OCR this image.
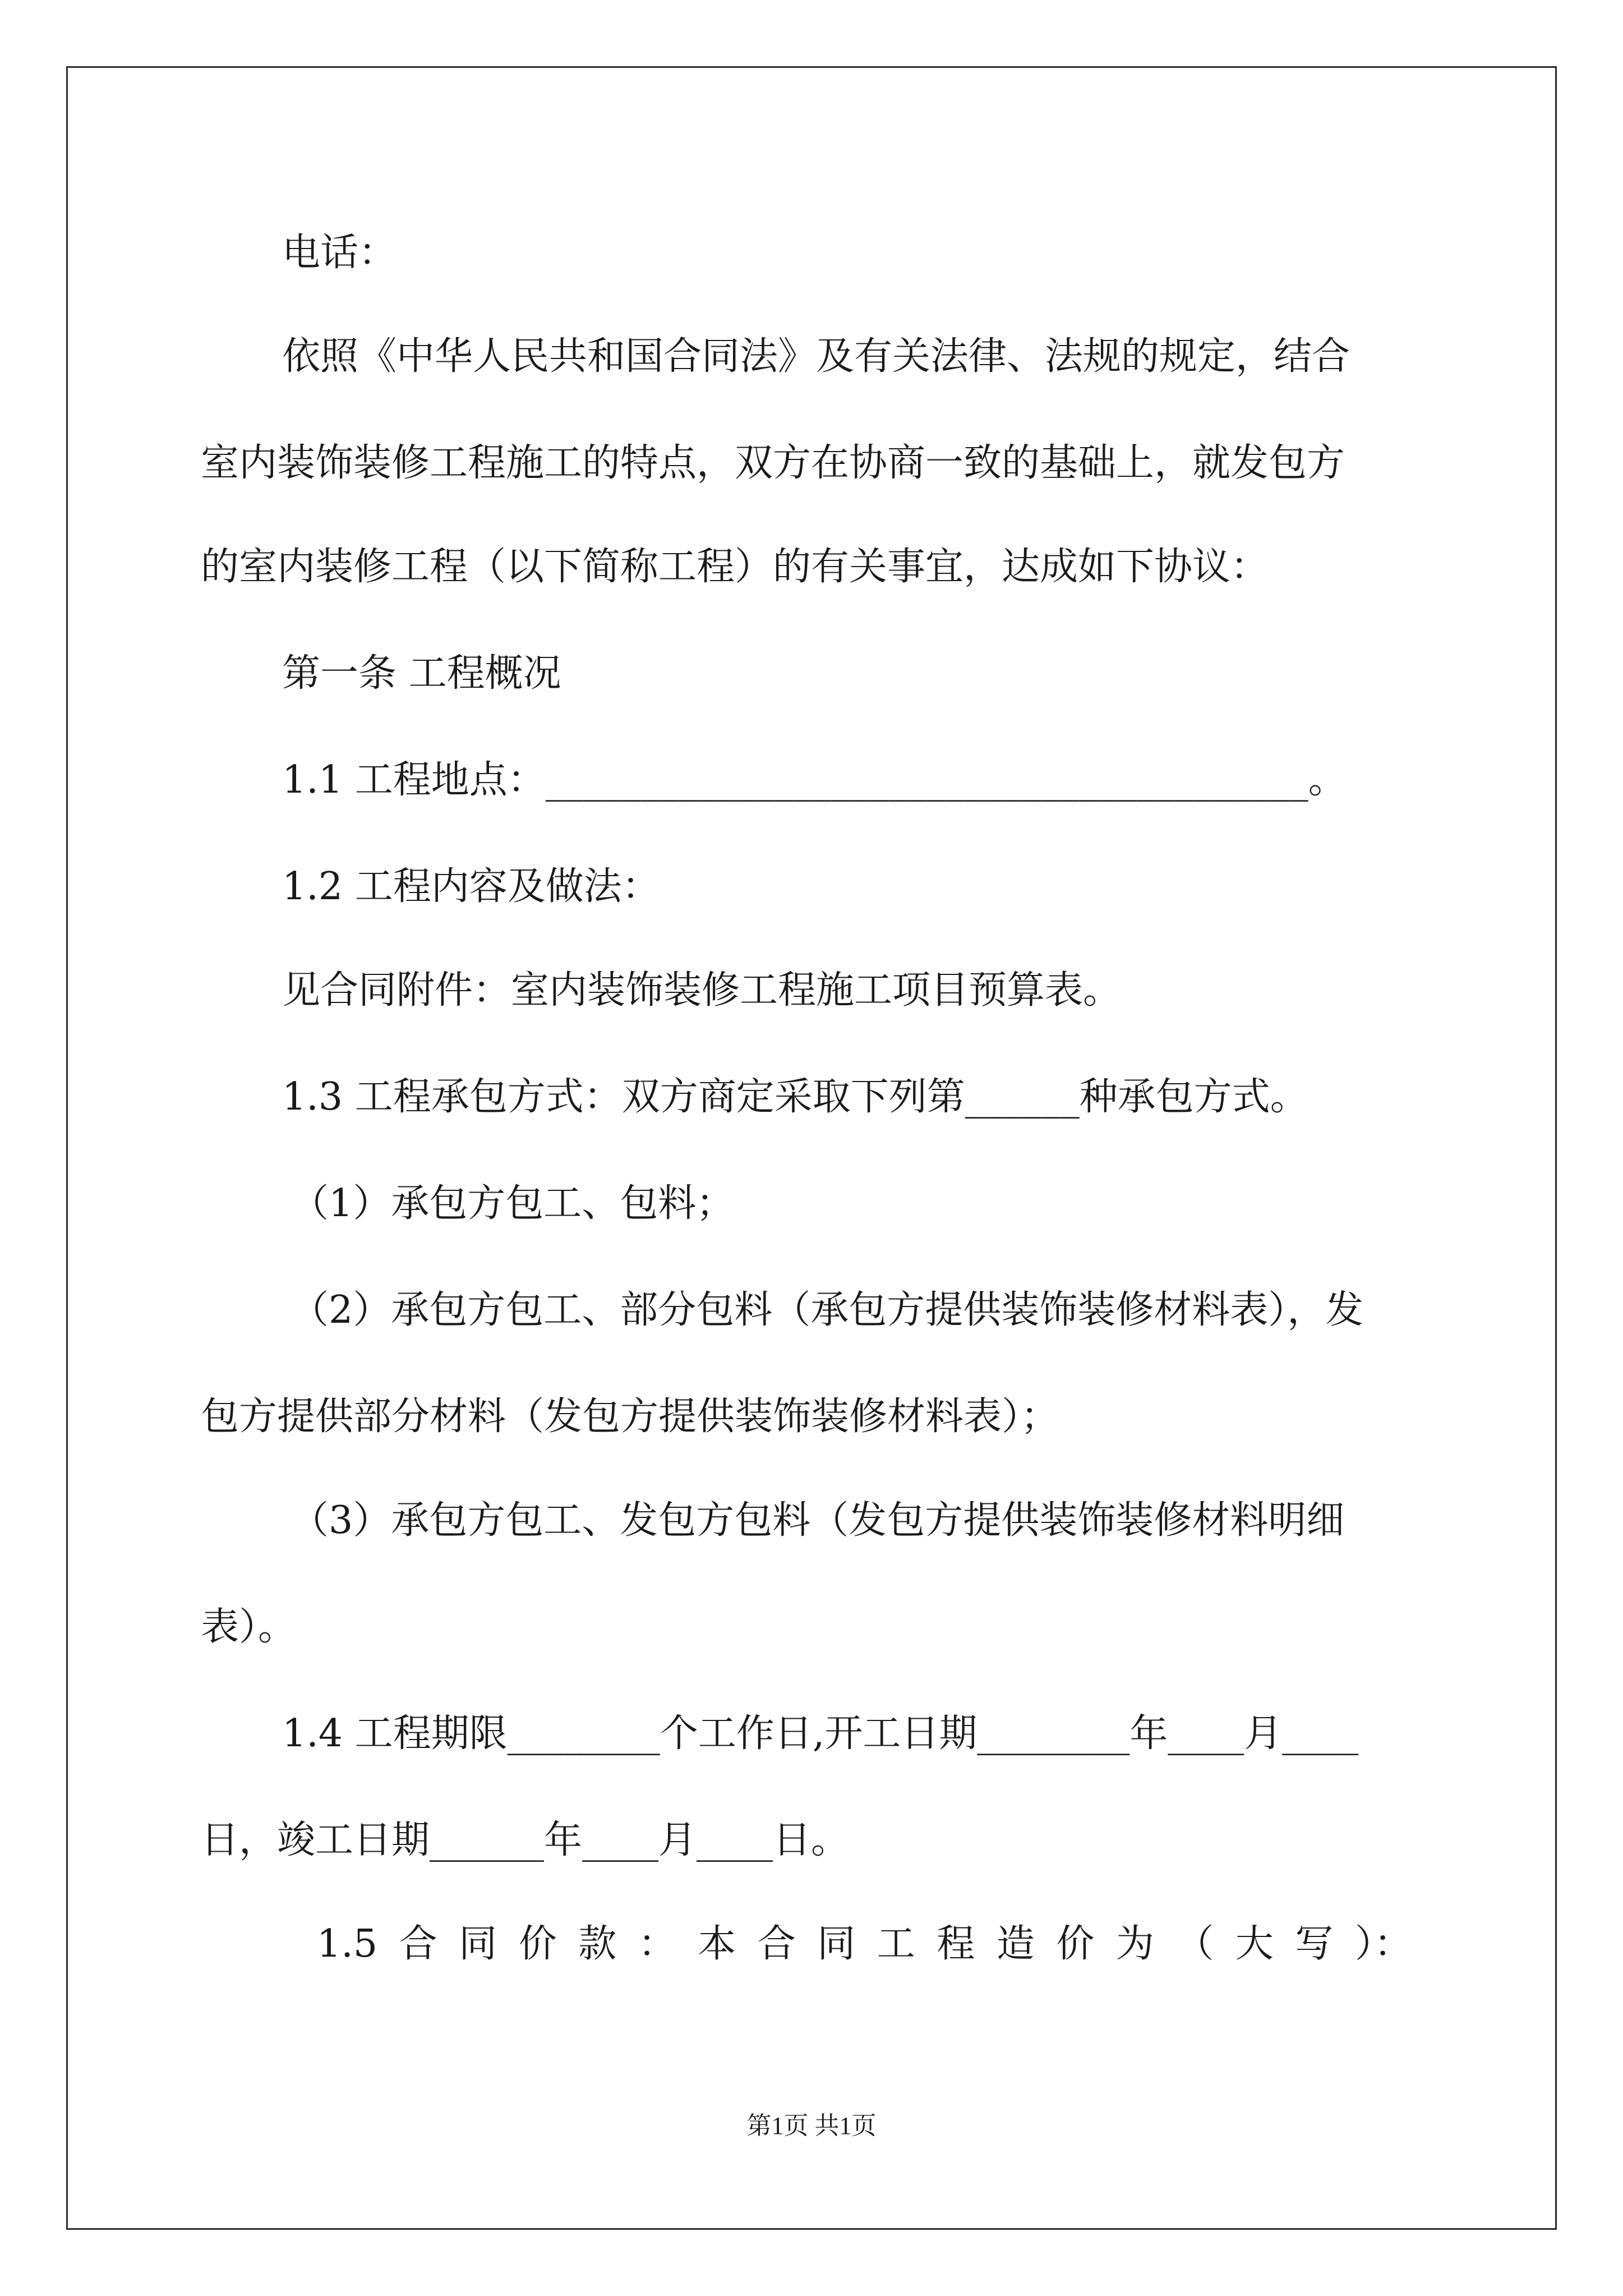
电话：
依照《中华人民共和国合同法》及有关法律、法规的规定，结合
室内装饰装修工程施工的特点，双方在协商一致的基础上，就发包方
的室内装修工程（以下简称工程）的有关事宜，达成如下协议：
第一条 工程概况
1.1 工程地点：________________________________________。
1.2 工程内容及做法：
见合同附件：室内装饰装修工程施工项目预算表。
1.3 工程承包方式：双方商定采取下列第______种承包方式。
（1）承包方包工、包料；
（2）承包方包工、部分包料（承包方提供装饰装修材料表），发
包方提供部分材料（发包方提供装饰装修材料表）；
（3）承包方包工、发包方包料（发包方提供装饰装修材料明细
表）。
1.4 工程期限________个工作日,开工日期________年____月____
日，竣工日期______年____月____日。
1.5 合 同 价 款 ： 本 合 同 工 程 造 价 为 （ 大 写 ）：
第1页 共1页
